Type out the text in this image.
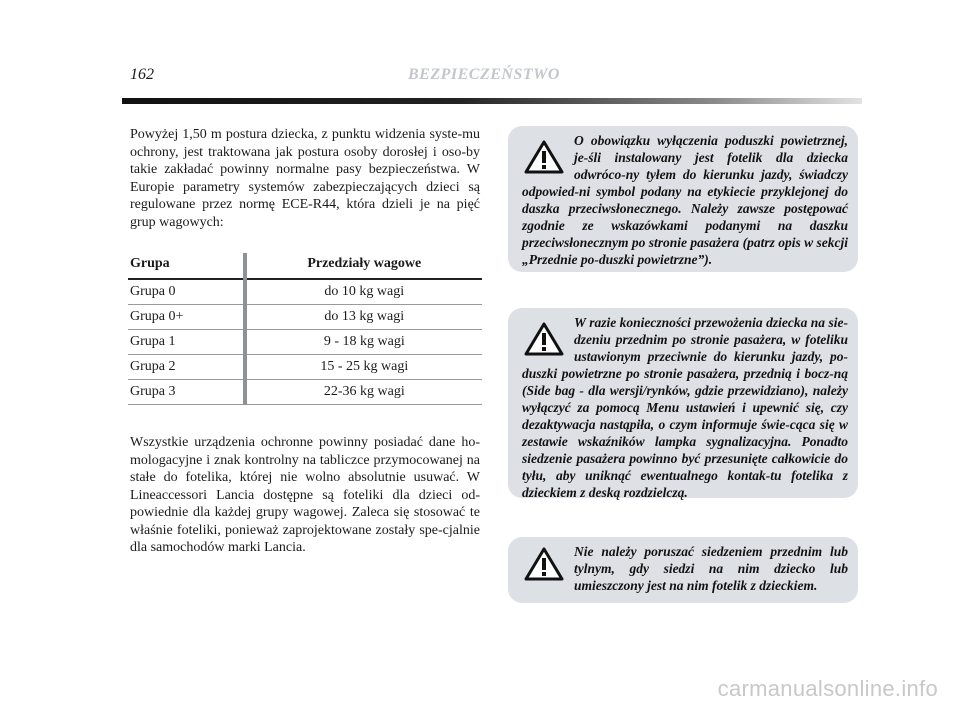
162	BEZPIECZEŃSTWO

Powyżej 1,50 m postura dziecka, z punktu widzenia syste-mu ochrony, jest traktowana jak postura osoby dorosłej i oso-by takie zakładać powinny normalne pasy bezpieczeństwa. W Europie parametry systemów zabezpieczających dzieci są regulowane przez normę ECE-R44, która dzieli je na pięć grup wagowych:

Grupa		Przedziały wagowe
Grupa 0		do 10 kg wagi
Grupa 0+		do 13 kg wagi
Grupa 1		9 - 18 kg wagi
Grupa 2		15 - 25 kg wagi
Grupa 3		22-36 kg wagi

Wszystkie urządzenia ochronne powinny posiadać dane ho-mologacyjne i znak kontrolny na tabliczce przymocowanej na stałe do fotelika, której nie wolno absolutnie usuwać. W Lineaccessori Lancia dostępne są foteliki dla dzieci od-powiednie dla każdej grupy wagowej. Zaleca się stosować te właśnie foteliki, ponieważ zaprojektowane zostały spe-cjalnie dla samochodów marki Lancia.

O obowiązku wyłączenia poduszki powietrznej, je-śli instalowany jest fotelik dla dziecka odwróco-ny tyłem do kierunku jazdy, świadczy odpowied-ni symbol podany na etykiecie przyklejonej do daszka przeciwsłonecznego. Należy zawsze postępować zgodnie ze wskazówkami podanymi na daszku przeciwsłonecznym po stronie pasażera (patrz opis w sekcji „Przednie po-duszki powietrzne”).
W razie konieczności przewożenia dziecka na sie-dzeniu przednim po stronie pasażera, w foteliku ustawionym przeciwnie do kierunku jazdy, po-duszki powietrzne po stronie pasażera, przednią i bocz-ną (Side bag - dla wersji/rynków, gdzie przewidziano), należy wyłączyć za pomocą Menu ustawień i upewnić się, czy dezaktywacja nastąpiła, o czym informuje świe-cąca się w zestawie wskaźników lampka sygnalizacyjna. Ponadto siedzenie pasażera powinno być przesunięte całkowicie do tyłu, aby uniknąć ewentualnego kontak-tu fotelika z dzieckiem z deską rozdzielczą.
Nie należy poruszać siedzeniem przednim lub tylnym, gdy siedzi na nim dziecko lub umieszczony jest na nim fotelik z dzieckiem.
carmanualsonline.info
